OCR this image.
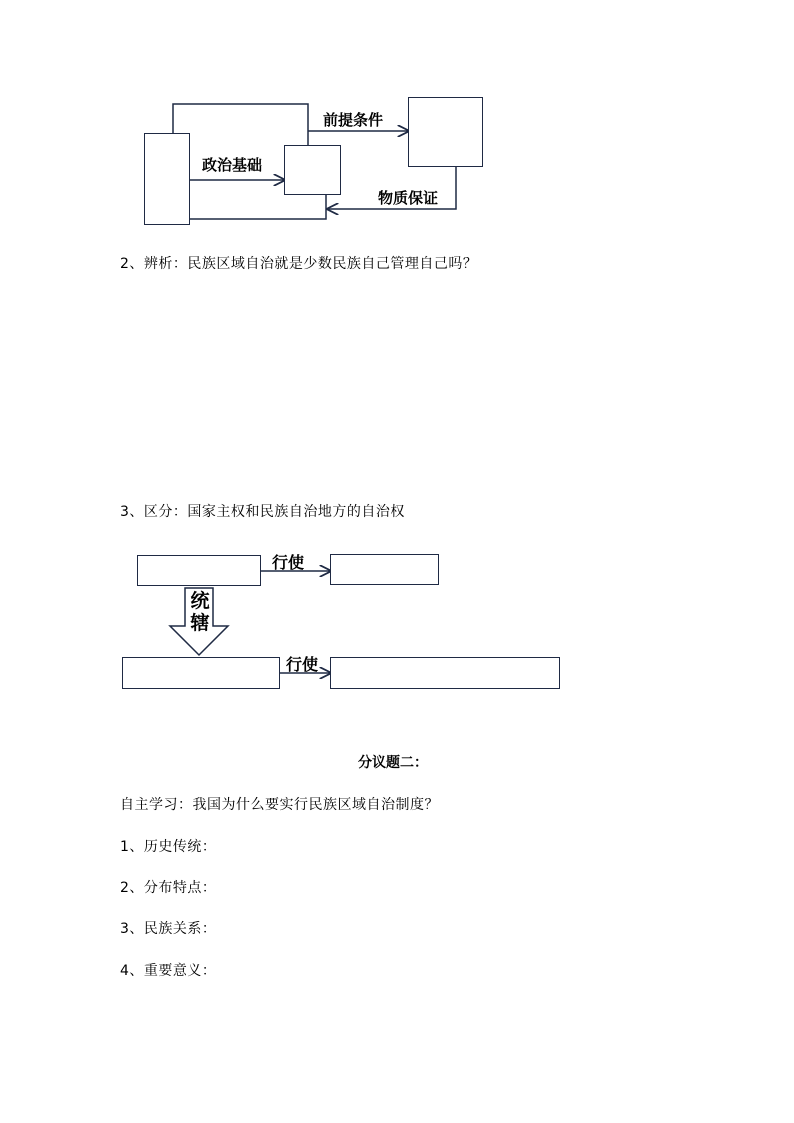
政治基础
前提条件
物质保证
2、辨析：民族区域自治就是少数民族自己管理自己吗？
3、区分：国家主权和民族自治地方的自治权
行使
行使
统辖
分议题二：
自主学习：我国为什么要实行民族区域自治制度？
1、历史传统：
2、分布特点：
3、民族关系：
4、重要意义：
